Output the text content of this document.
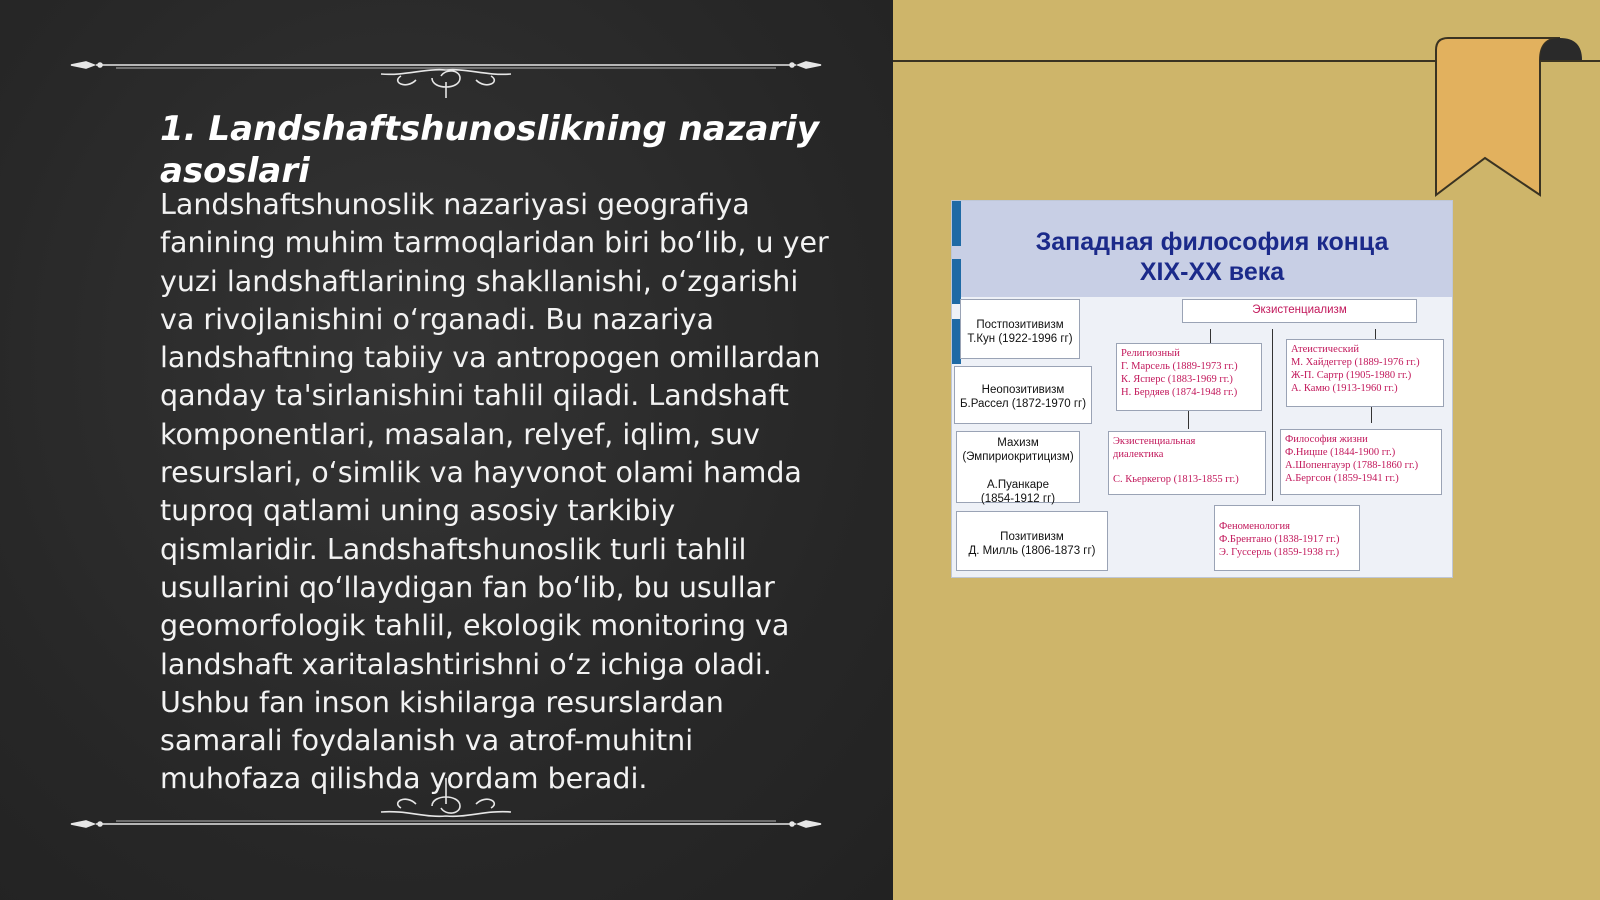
1. Landshaftshunoslikning nazariy asoslari

Landshaftshunoslik nazariyasi geografiya fanining muhim tarmoqlaridan biri bo‘lib, u yer yuzi landshaftlarining shakllanishi, o‘zgarishi va rivojlanishini o‘rganadi. Bu nazariya landshaftning tabiiy va antropogen omillardan qanday ta'sirlanishini tahlil qiladi. Landshaft komponentlari, masalan, relyef, iqlim, suv resurslari, o‘simlik va hayvonot olami hamda tuproq qatlami uning asosiy tarkibiy qismlaridir. Landshaftshunoslik turli tahlil usullarini qo‘llaydigan fan bo‘lib, bu usullar geomorfologik tahlil, ekologik monitoring va landshaft xaritalashtirishni o‘z ichiga oladi. Ushbu fan inson kishilarga resurslardan samarali foydalanish va atrof-muhitni muhofaza qilishda yordam beradi.

Западная философия конца
XIX-XX века

Постпозитивизм
Т.Кун (1922-1996 гг)
Неопозитивизм
Б.Рассел (1872-1970 гг)
Махизм
(Эмпириокритицизм)
А.Пуанкаре
(1854-1912 гг)
Позитивизм
Д. Милль (1806-1873 гг)
Экзистенциализм
Религиозный
Г. Марсель (1889-1973 гг.)
К. Ясперс (1883-1969 гг.)
Н. Бердяев (1874-1948 гг.)
Атеистический
М. Хайдеггер (1889-1976 гг.)
Ж-П. Сартр (1905-1980 гг.)
А. Камю (1913-1960 гг.)
Экзистенциальная
диалектика
С. Кьеркегор (1813-1855 гг.)
Философия жизни
Ф.Ницше (1844-1900 гг.)
А.Шопенгауэр (1788-1860 гг.)
А.Бергсон (1859-1941 гг.)
Феноменология
Ф.Брентано (1838-1917 гг.)
Э. Гуссерль (1859-1938 гг.)
